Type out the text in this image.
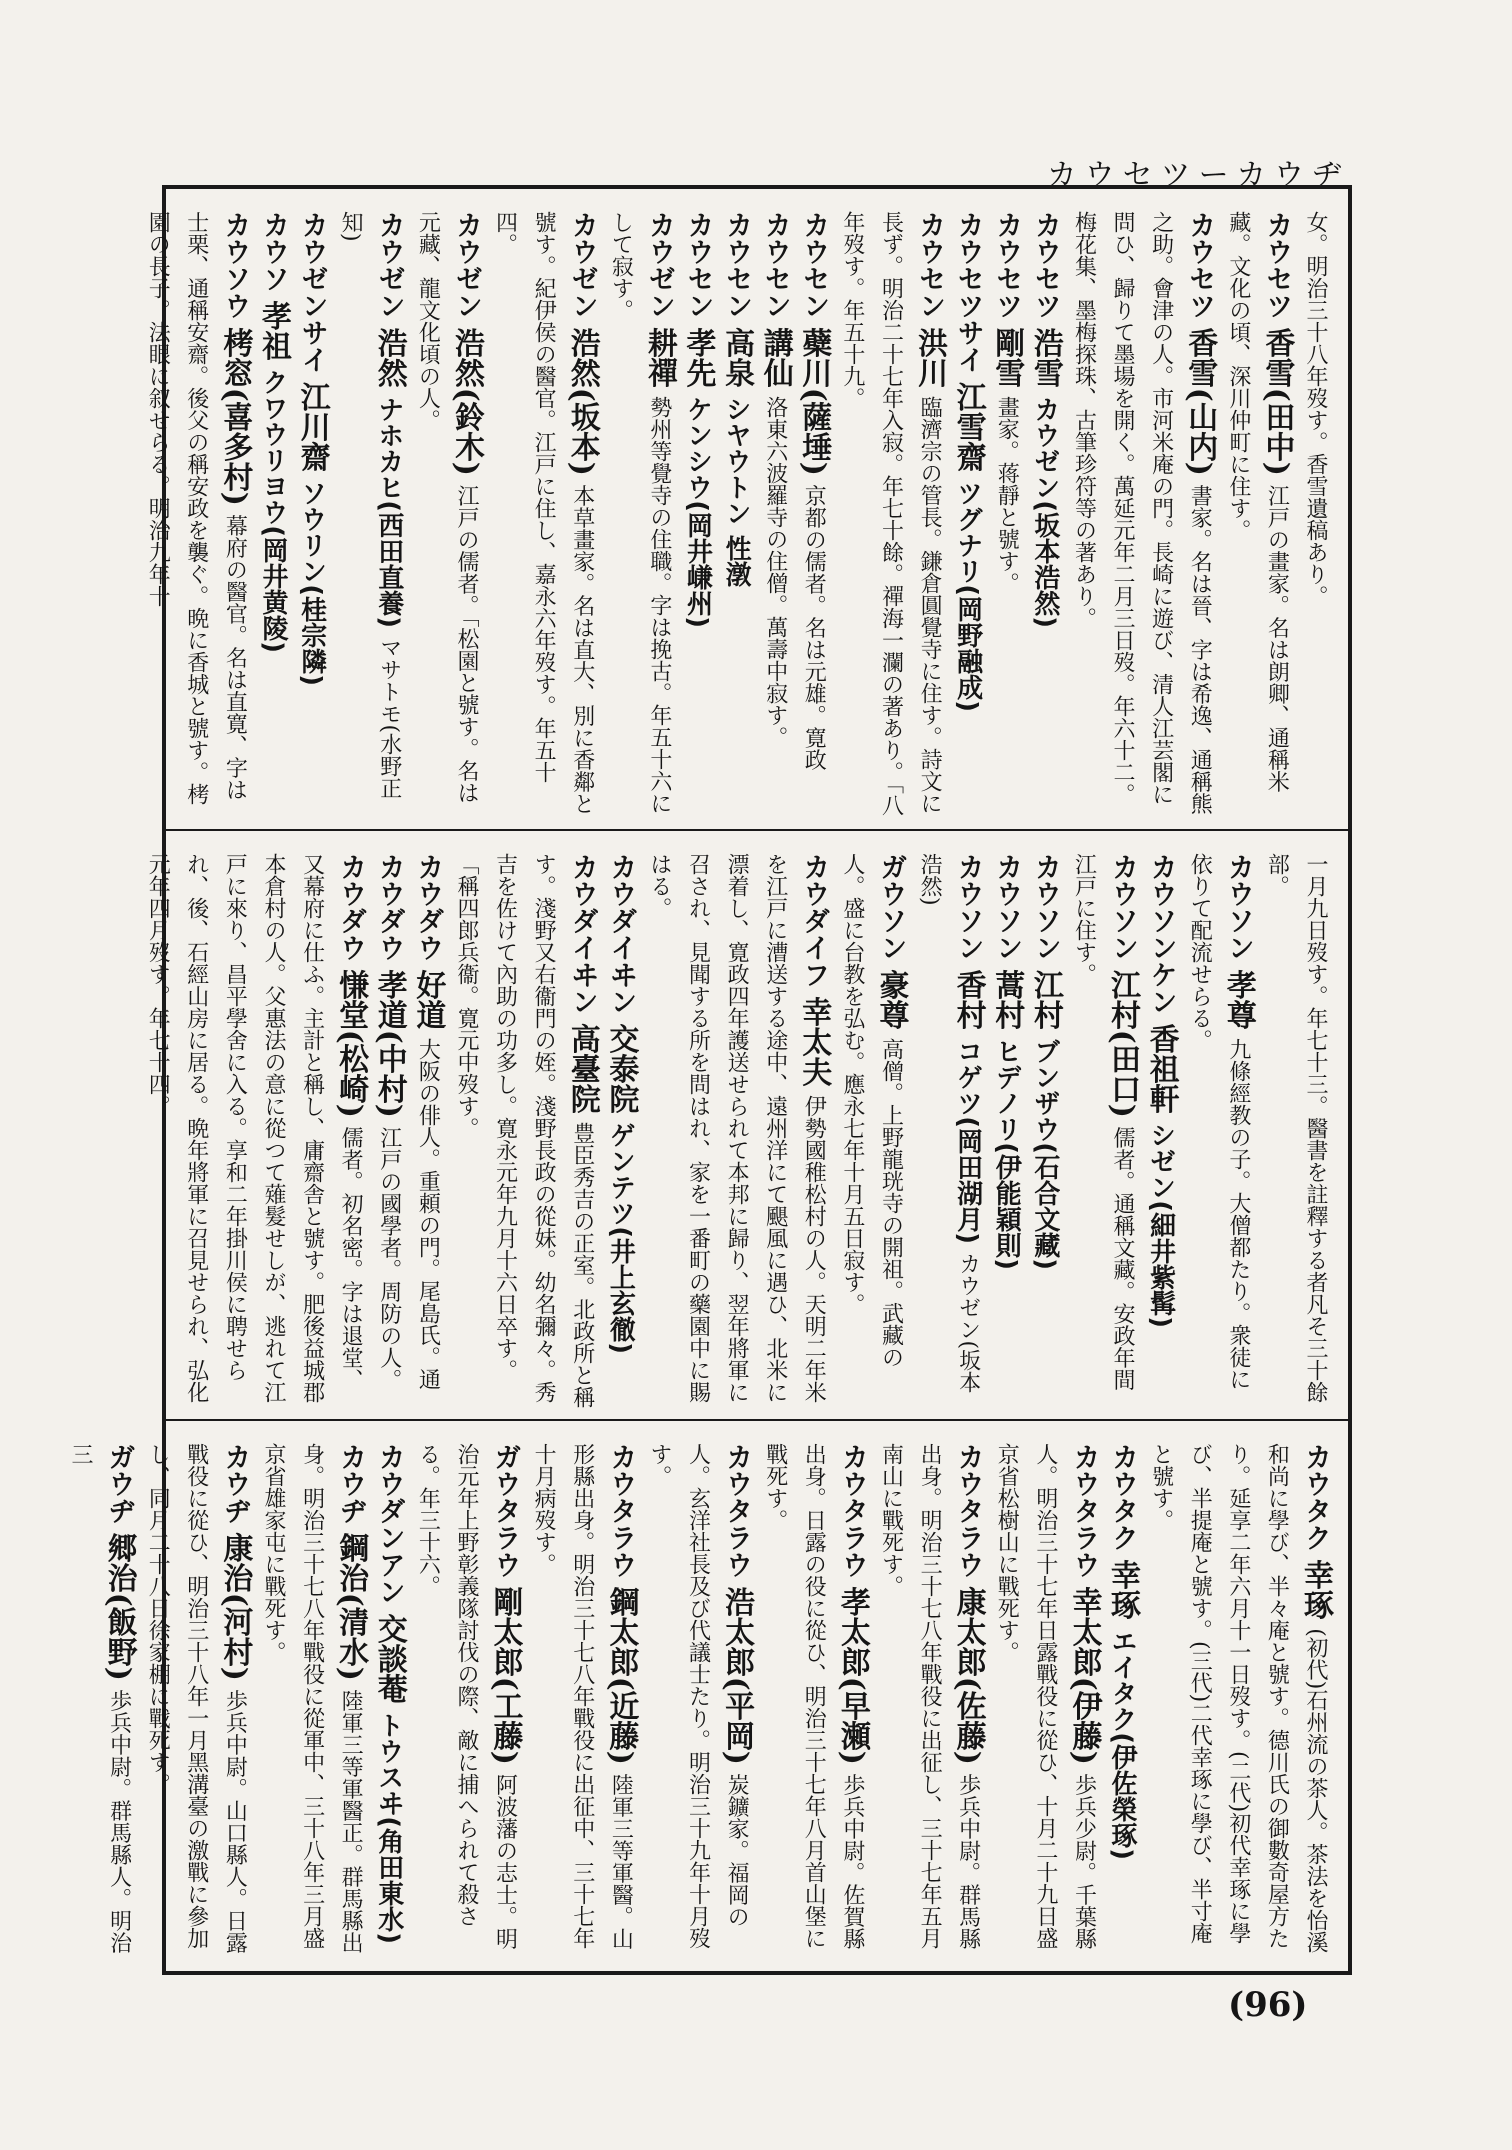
カウセツーカウヂ

女。明治三十八年歿す。香雪遺稿あり。

カウセツ 香雪(田中) 江戸の畫家。名は朗卿、通稱米藏。文化の頃、深川仲町に住す。

カウセツ 香雪(山内) 書家。名は晉、字は希逸、通稱熊之助。會津の人。市河米庵の門。長崎に遊び、清人江芸閣に問ひ、歸りて墨場を開く。萬延元年二月三日歿。年六十二。梅花集、墨梅探珠、古筆珍符等の著あり。

カウセツ 浩雪 カウゼン(坂本浩然)

カウセツ 剛雪 畫家。蒋靜と號す。

カウセツサイ 江雪齋 ツグナリ(岡野融成)

カウセン 洪川 臨濟宗の管長。鎌倉圓覺寺に住す。詩文に長ず。明治二十七年入寂。年七十餘。禪海一瀾の著あり。「八年歿す。年五十九。

カウセン 蘗川(薩埵) 京都の儒者。名は元雄。寛政

カウセン 講仙 洛東六波羅寺の住僧。萬壽中寂す。

カウセン 高泉 シヤウトン 性潡

カウセン 孝先 ケンシウ(岡井嵰州)

カウゼン 耕禪 勢州等覺寺の住職。字は挽古。年五十六にして寂す。

カウゼン 浩然(坂本) 本草畫家。名は直大、別に香鄰と號す。紀伊侯の醫官。江戸に住し、嘉永六年歿す。年五十四。

カウゼン 浩然(鈴木) 江戸の儒者。「松園と號す。名は元藏、龍文化頃の人。

カウゼン 浩然 ナホカヒ(西田直養) マサトモ(水野正知)

カウゼンサイ 江川齋 ソウリン(桂宗隣)

カウソ 孝祖 クワウリヨウ(岡井黄陵)

カウソウ 栲窓(喜多村) 幕府の醫官。名は直寛、字は士栗、通稱安齋。後父の稱安政を襲ぐ。晩に香城と號す。栲園の長子。法眼に叙せらる。明治九年十

一月九日歿す。年七十三。醫書を註釋する者凡そ三十餘部。

カウソン 孝尊 九條經教の子。大僧都たり。衆徒に依りて配流せらる。

カウソンケン 香祖軒 シゼン(細井紫髯)

カウソン 江村(田口) 儒者。通稱文藏。安政年間江戸に住す。

カウソン 江村 ブンザウ(石合文藏)

カウソン 蒿村 ヒデノリ(伊能穎則)

カウソン 香村 コゲツ(岡田湖月) カウゼン(坂本浩然)

ガウソン 豪尊 高僧。上野龍珖寺の開祖。武藏の人。盛に台教を弘む。應永七年十月五日寂す。

カウダイフ 幸太夫 伊勢國稚松村の人。天明二年米を江戸に漕送する途中、遠州洋にて颶風に遇ひ、北米に漂着し、寛政四年護送せられて本邦に歸り、翌年將軍に召され、見聞する所を問はれ、家を一番町の藥園中に賜はる。

カウダイヰン 交泰院 ゲンテツ(井上玄徹)

カウダイヰン 高臺院 豊臣秀吉の正室。北政所と稱す。淺野又右衞門の姪。淺野長政の從妹。幼名彌々。秀吉を佐けて內助の功多し。寛永元年九月十六日卒す。「稱四郎兵衞。寛元中歿す。

カウダウ 好道 大阪の俳人。重頼の門。尾島氏。通

カウダウ 孝道(中村) 江戸の國學者。周防の人。

カウダウ 慊堂(松崎) 儒者。初名密。字は退堂、又幕府に仕ふ。主計と稱し、庸齋舎と號す。肥後益城郡本倉村の人。父惠法の意に從つて薙髮せしが、逃れて江戸に來り、昌平學舍に入る。享和二年掛川侯に聘せられ、後、石經山房に居る。晩年將軍に召見せられ、弘化元年四月歿す。年七十四。

カウタク 幸琢 (初代)石州流の茶人。茶法を怡溪和尚に學び、半々庵と號す。德川氏の御數奇屋方たり。延享二年六月十一日歿す。(二代)初代幸琢に學び、半提庵と號す。(三代)二代幸琢に學び、半寸庵と號す。

カウタク 幸琢 エイタク(伊佐榮琢)

カウタラウ 幸太郎(伊藤) 歩兵少尉。千葉縣人。明治三十七年日露戰役に從ひ、十月二十九日盛京省松樹山に戰死す。

カウタラウ 康太郎(佐藤) 歩兵中尉。群馬縣出身。明治三十七八年戰役に出征し、三十七年五月南山に戰死す。

カウタラウ 孝太郎(早瀬) 歩兵中尉。佐賀縣出身。日露の役に從ひ、明治三十七年八月首山堡に戰死す。

カウタラウ 浩太郎(平岡) 炭鑛家。福岡の人。玄洋社長及び代議士たり。明治三十九年十月歿す。

カウタラウ 鋼太郎(近藤) 陸軍三等軍醫。山形縣出身。明治三十七八年戰役に出征中、三十七年十月病歿す。

ガウタラウ 剛太郎(工藤) 阿波藩の志士。明治元年上野彰義隊討伐の際、敵に捕へられて殺さる。年三十六。

カウダンアン 交談菴 トウスヰ(角田東水)

カウヂ 鋼治(清水) 陸軍三等軍醫正。群馬縣出身。明治三十七八年戰役に從軍中、三十八年三月盛京省雄家屯に戰死す。

カウヂ 康治(河村) 歩兵中尉。山口縣人。日露戰役に從ひ、明治三十八年一月黑溝臺の激戰に參加し、同月二十八日徐家棚に戰死す。

ガウヂ 郷治(飯野) 歩兵中尉。群馬縣人。明治三

(96)
